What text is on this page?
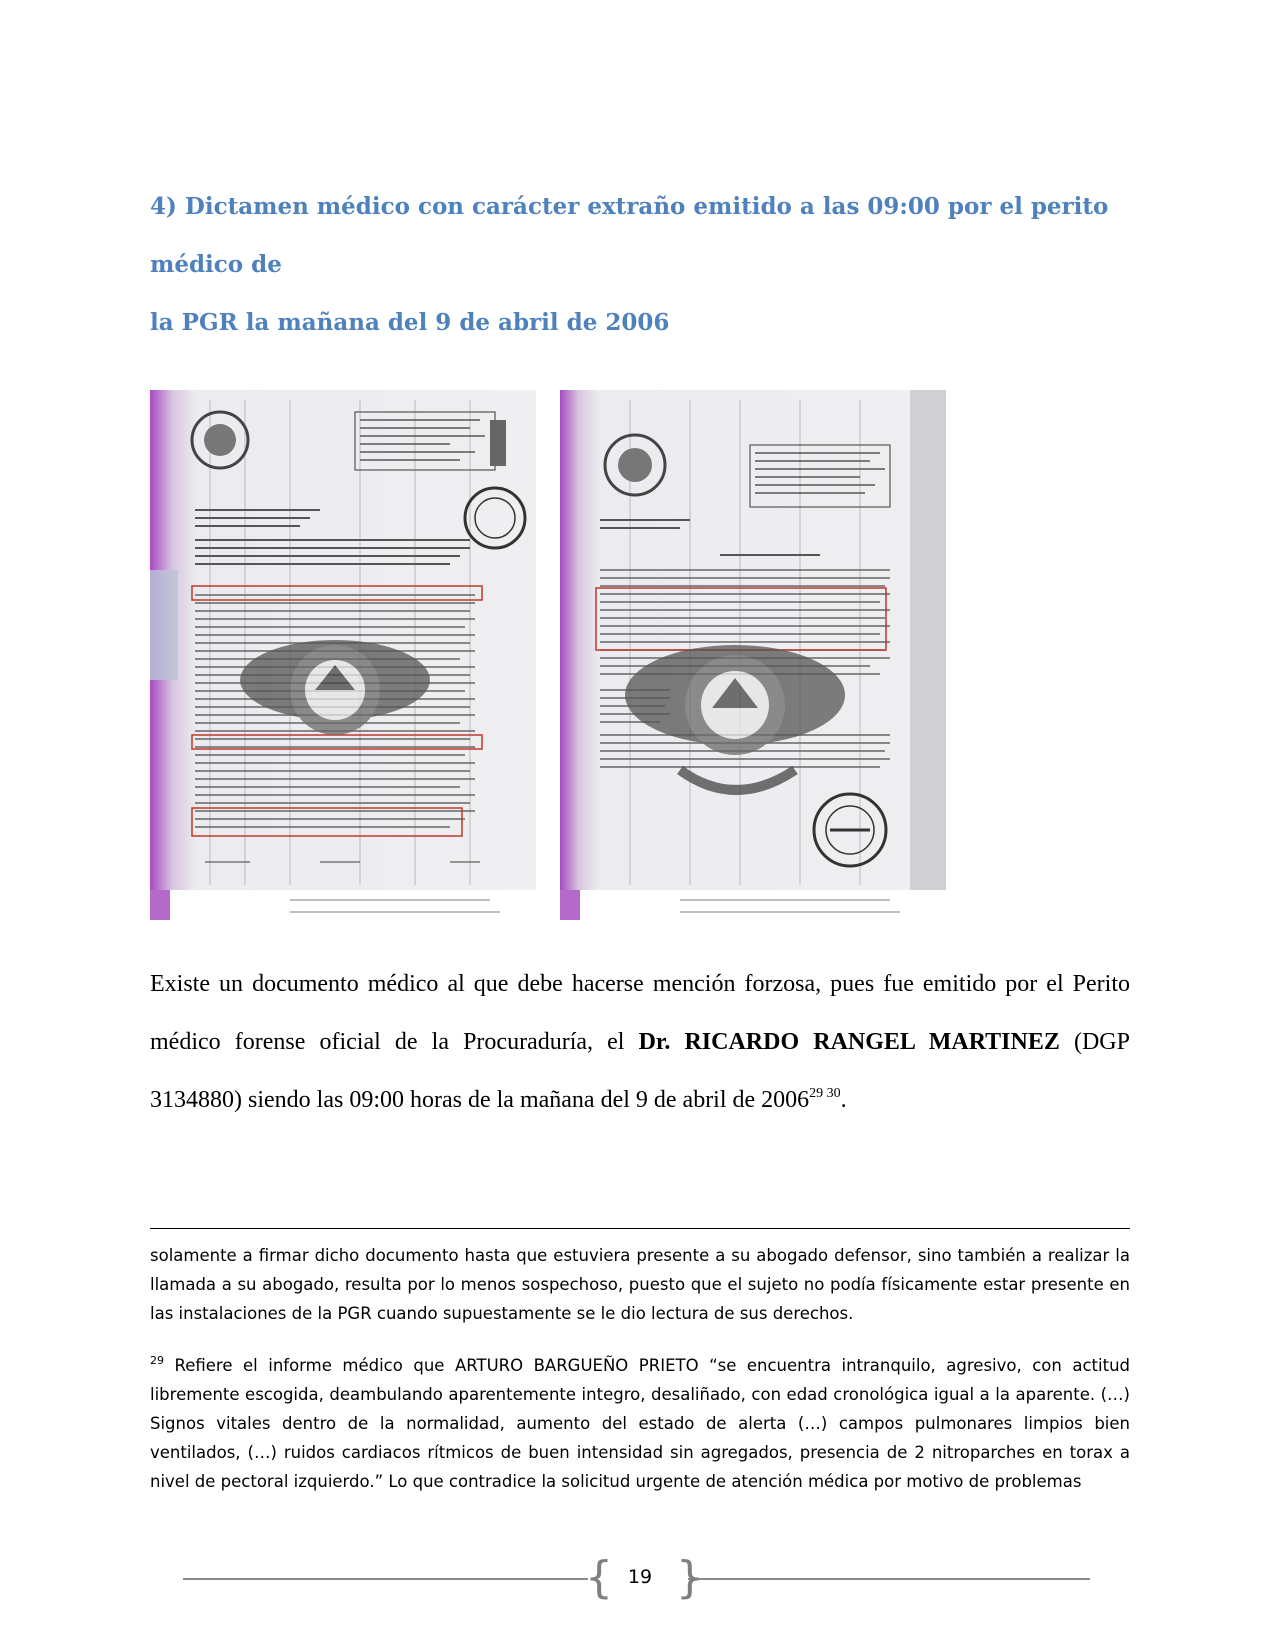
4) Dictamen médico con carácter extraño emitido a las 09:00 por el perito médico de
la PGR la mañana del 9 de abril de 2006

Existe un documento médico al que debe hacerse mención forzosa, pues fue emitido por el Perito médico forense oficial de la Procuraduría, el Dr. RICARDO RANGEL MARTINEZ (DGP 3134880) siendo las 09:00 horas de la mañana del 9 de abril de $2006^{29 30}$.

solamente a firmar dicho documento hasta que estuviera presente a su abogado defensor, sino también a realizar la llamada a su abogado, resulta por lo menos sospechoso, puesto que el sujeto no podía físicamente estar presente en las instalaciones de la PGR cuando supuestamente se le dio lectura de sus derechos.

$^{29}$ Refiere el informe médico que ARTURO BARGUEÑO PRIETO “se encuentra intranquilo, agresivo, con actitud libremente escogida, deambulando aparentemente integro, desaliñado, con edad cronológica igual a la aparente. (…) Signos vitales dentro de la normalidad, aumento del estado de alerta (…) campos pulmonares limpios bien ventilados, (…) ruidos cardiacos rítmicos de buen intensidad sin agregados, presencia de 2 nitroparches en torax a nivel de pectoral izquierdo.” Lo que contradice la solicitud urgente de atención médica por motivo de problemas

{ }
19
